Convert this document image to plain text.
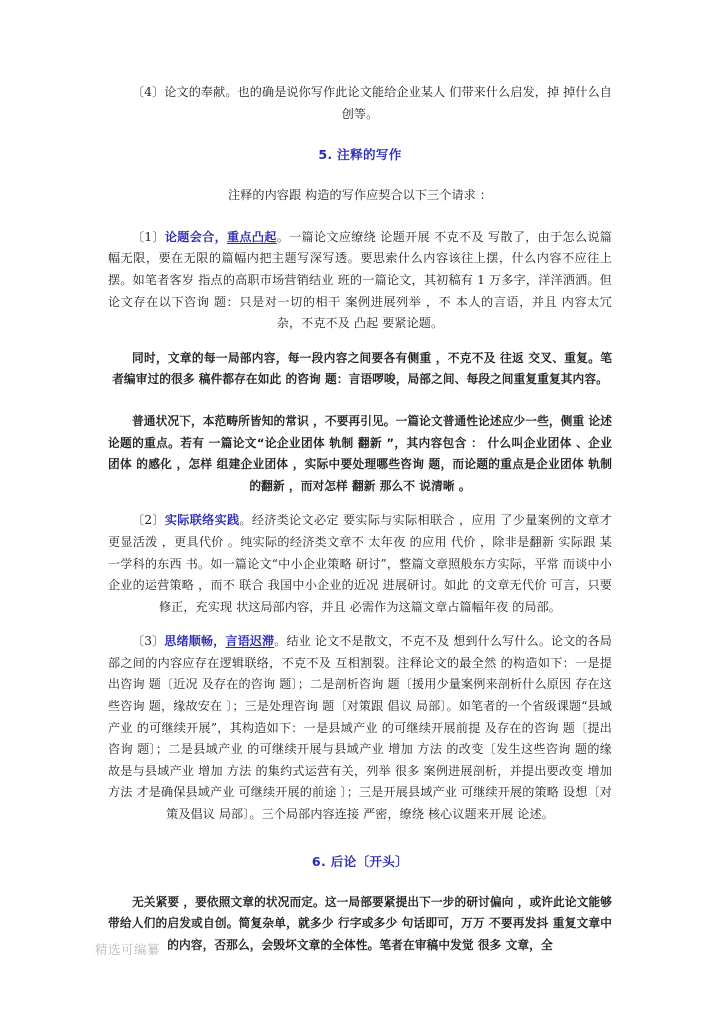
〔4〕论文的奉献。也的确是说你写作此论文能给企业某人 们带来什么启发，掉 掉什么自创等。

5. 注释的写作

注释的内容跟 构造的写作应契合以下三个请求 ：

〔1〕论题会合，重点凸起。一篇论文应缭绕 论题开展 不克不及 写散了，由于怎么说篇幅无限，要在无限的篇幅内把主题写深写透。要思索什么内容该往上摆，什么内容不应往上摆。如笔者客岁 指点的高职市场营销结业 班的一篇论文，其初稿有 1 万多字，洋洋洒洒。但论文存在以下咨询 题：只是对一切的相干 案例进展列举 ，不 本人的言语，并且 内容太冗杂，不克不及 凸起 要紧论题。

同时，文章的每一局部内容，每一段内容之间要各有侧重 ，不克不及 往返 交叉、重复。笔者编审过的很多 稿件都存在如此 的咨询 题：言语啰唆，局部之间、每段之间重复重复其内容。

普通状况下，本范畴所皆知的常识 ，不要再引见。一篇论文普通性论述应少一些，侧重 论述论题的重点。若有 一篇论文“论企业团体 轨制 翻新 ”，其内容包含 ： 什么叫企业团体 、企业团体 的感化 ，怎样 组建企业团体 ，实际中要处理哪些咨询 题，而论题的重点是企业团体 轨制 的翻新 ，而对怎样 翻新 那么不 说清晰 。

〔2〕实际联络实践。经济类论文必定 要实际与实际相联合 ，应用 了少量案例的文章才更显活泼 ，更具代价 。纯实际的经济类文章不 太年夜 的应用 代价 ，除非是翻新 实际跟 某一学科的东西 书。如一篇论文“中小企业策略 研讨”，整篇文章照般东方实际，平常 而谈中小企业的运营策略 ，而不 联合 我国中小企业的近况 进展研讨。如此 的文章无代价 可言，只要修正，充实现 状这局部内容，并且 必需作为这篇文章占篇幅年夜 的局部。

〔3〕思绪顺畅，言语迟滞。结业 论文不是散文，不克不及 想到什么写什么。论文的各局部之间的内容应存在逻辑联络，不克不及 互相割裂。注释论文的最全然 的构造如下：一是提出咨询 题〔近况 及存在的咨询 题〕；二是剖析咨询 题〔援用少量案例来剖析什么原因 存在这些咨询 题，缘故安在 〕；三是处理咨询 题〔对策跟 倡议 局部〕。如笔者的一个省级课题“县域产业 的可继续开展”，其构造如下：一是县域产业 的可继续开展前提 及存在的咨询 题〔提出咨询 题〕；二是县域产业 的可继续开展与县域产业 增加 方法 的改变〔发生这些咨询 题的缘故是与县域产业 增加 方法 的集约式运营有关，列举 很多 案例进展剖析，并提出要改变 增加 方法 才是确保县域产业 可继续开展的前途 〕；三是开展县域产业 可继续开展的策略 设想〔对策及倡议 局部〕。三个局部内容连接 严密，缭绕 核心议题来开展 论述。

6. 后论〔开头〕

无关紧要 ，要依照文章的状况而定。这一局部要紧提出下一步的研讨偏向 ，或许此论文能够带给人们的启发或自创。简复杂单，就多少 行字或多少 句话即可，万万 不要再发抖 重复文章中的内容，否那么，会毁坏文章的全体性。笔者在审稿中发觉 很多 文章，全

精选可编纂
